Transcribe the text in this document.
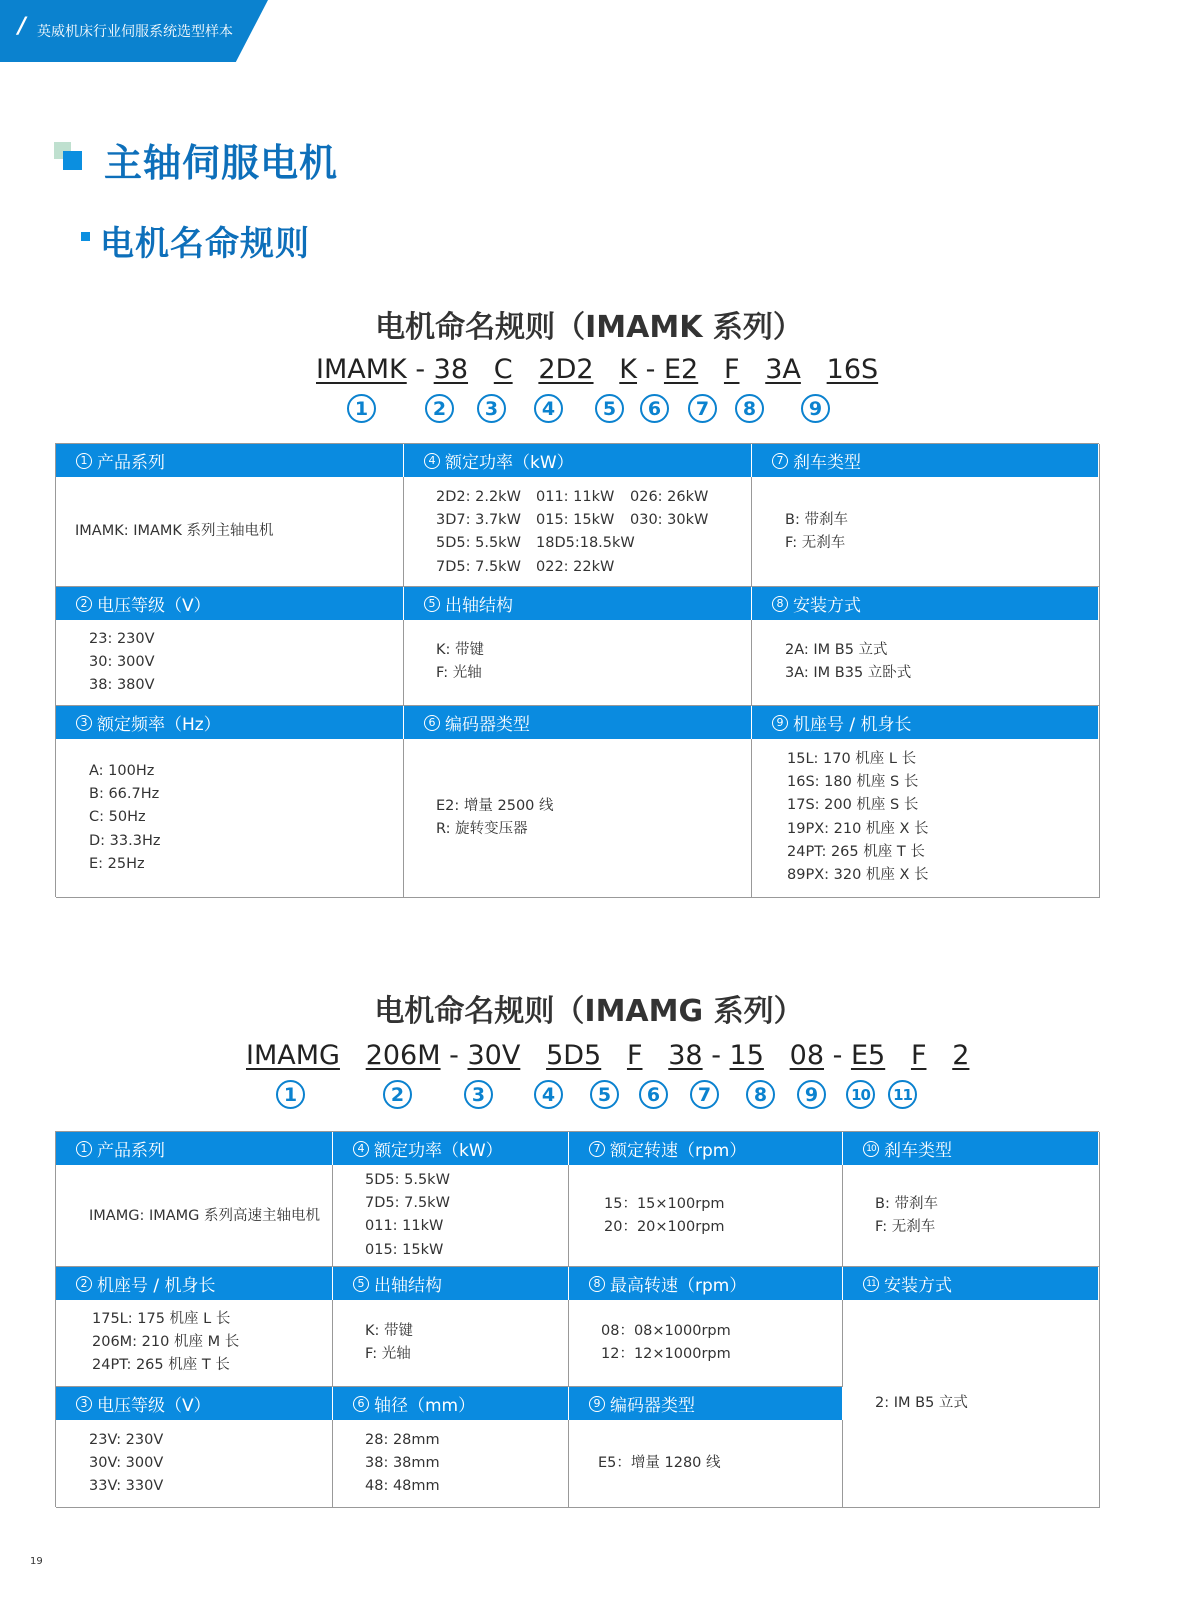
/ 英威机床行业伺服系统选型样本
主轴伺服电机
电机名命规则
电机命名规则（IMAMK 系列）
IMAMK - 38 C 2D2 K - E2 F 3A 16S
1	2	3	4	5	6	7	8	9
1 产品系列
IMAMK: IMAMK 系列主轴电机
4 额定功率（kW）
2D2: 2.2kW
3D7: 3.7kW
5D5: 5.5kW
7D5: 7.5kW
011: 11kW
015: 15kW
18D5:18.5kW
022: 22kW
026: 26kW
030: 30kW
7 刹车类型
B: 带刹车
F: 无刹车
2 电压等级（V）
23: 230V
30: 300V
38: 380V
5 出轴结构
K: 带键
F: 光轴
8 安装方式
2A: IM B5 立式
3A: IM B35 立卧式
3 额定频率（Hz）
A: 100Hz
B: 66.7Hz
C: 50Hz
D: 33.3Hz
E: 25Hz
6 编码器类型
E2: 增量 2500 线
R: 旋转变压器
9 机座号 / 机身长
15L: 170 机座 L 长
16S: 180 机座 S 长
17S: 200 机座 S 长
19PX: 210 机座 X 长
24PT: 265 机座 T 长
89PX: 320 机座 X 长
电机命名规则（IMAMG 系列）
IMAMG 206M - 30V 5D5 F 38 - 15 08 - E5 F 2
1	2	3	4	5	6	7	8	9	10	11
1 产品系列
IMAMG: IMAMG 系列高速主轴电机
4 额定功率（kW）
5D5: 5.5kW
7D5: 7.5kW
011: 11kW
015: 15kW
7 额定转速（rpm）
15：15×100rpm
20：20×100rpm
10 刹车类型
B: 带刹车
F: 无刹车
2 机座号 / 机身长
175L: 175 机座 L 长
206M: 210 机座 M 长
24PT: 265 机座 T 长
5 出轴结构
K: 带键
F: 光轴
8 最高转速（rpm）
08：08×1000rpm
12：12×1000rpm
11 安装方式
2: IM B5 立式
3 电压等级（V）
23V: 230V
30V: 300V
33V: 330V
6 轴径（mm）
28: 28mm
38: 38mm
48: 48mm
9 编码器类型
E5：增量 1280 线
19
